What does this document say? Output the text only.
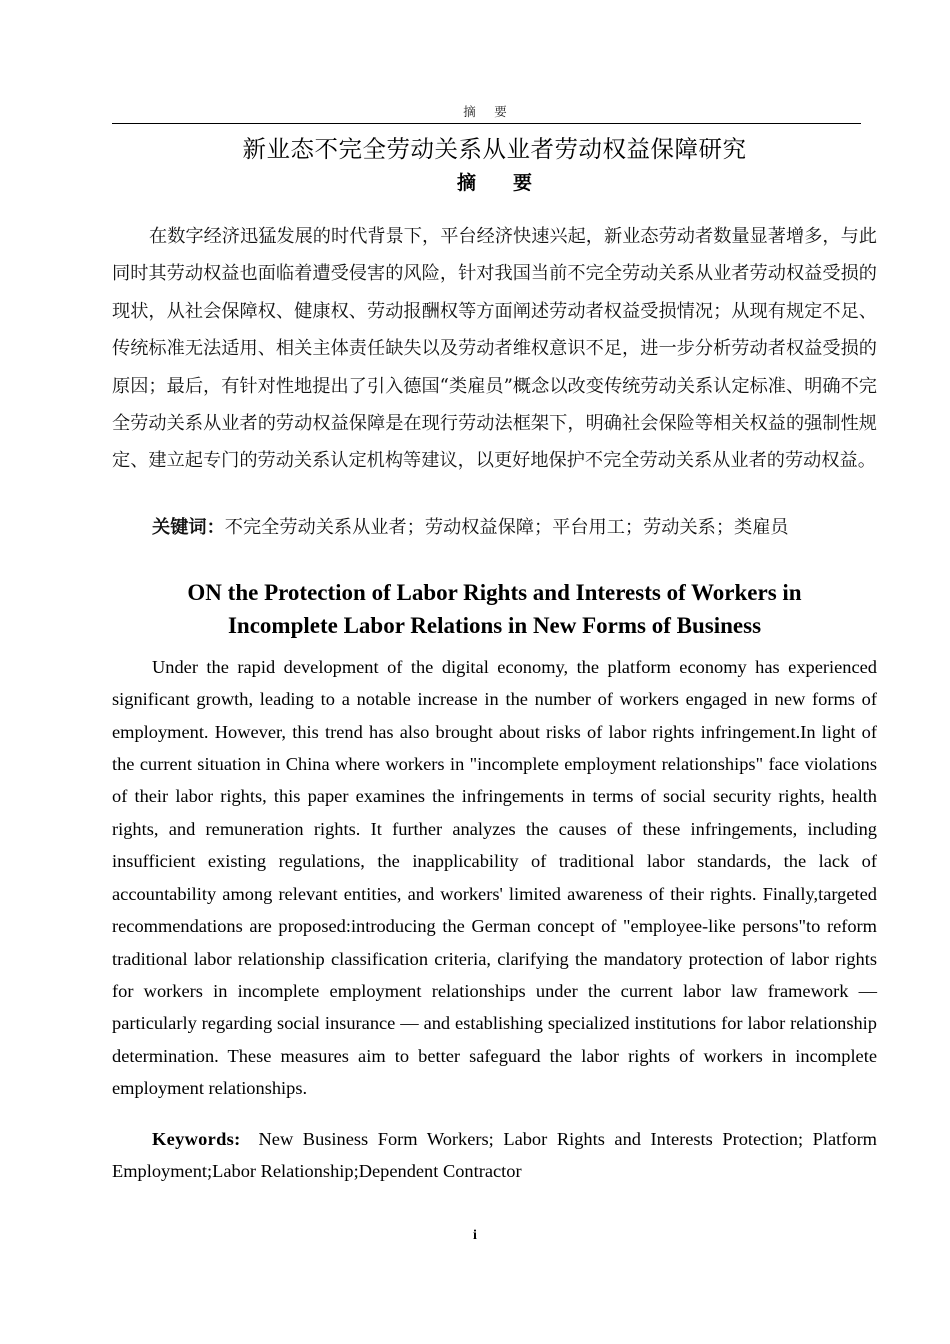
摘　要
新业态不完全劳动关系从业者劳动权益保障研究
摘　要

在数字经济迅猛发展的时代背景下，平台经济快速兴起，新业态劳动者数量显著增多，与此同时其劳动权益也面临着遭受侵害的风险，针对我国当前不完全劳动关系从业者劳动权益受损的现状，从社会保障权、健康权、劳动报酬权等方面阐述劳动者权益受损情况；从现有规定不足、传统标准无法适用、相关主体责任缺失以及劳动者维权意识不足，进一步分析劳动者权益受损的原因；最后，有针对性地提出了引入德国“类雇员”概念以改变传统劳动关系认定标准、明确不完全劳动关系从业者的劳动权益保障是在现行劳动法框架下，明确社会保险等相关权益的强制性规定、建立起专门的劳动关系认定机构等建议，以更好地保护不完全劳动关系从业者的劳动权益。

关键词：不完全劳动关系从业者；劳动权益保障；平台用工；劳动关系；类雇员

ON the Protection of Labor Rights and Interests of Workers in Incomplete Labor Relations in New Forms of Business

Under the rapid development of the digital economy, the platform economy has experienced significant growth, leading to a notable increase in the number of workers engaged in new forms of employment. However, this trend has also brought about risks of labor rights infringement.In light of the current situation in China where workers in "incomplete employment relationships" face violations of their labor rights, this paper examines the infringements in terms of social security rights, health rights, and remuneration rights. It further analyzes the causes of these infringements, including insufficient existing regulations, the inapplicability of traditional labor standards, the lack of accountability among relevant entities, and workers' limited awareness of their rights. Finally,targeted recommendations are proposed:introducing the German concept of "employee-like persons"to reform traditional labor relationship classification criteria, clarifying the mandatory protection of labor rights for workers in incomplete employment relationships under the current labor law framework — particularly regarding social insurance — and establishing specialized institutions for labor relationship determination. These measures aim to better safeguard the labor rights of workers in incomplete employment relationships.

Keywords: New Business Form Workers; Labor Rights and Interests Protection; Platform Employment;Labor Relationship;Dependent Contractor

i
